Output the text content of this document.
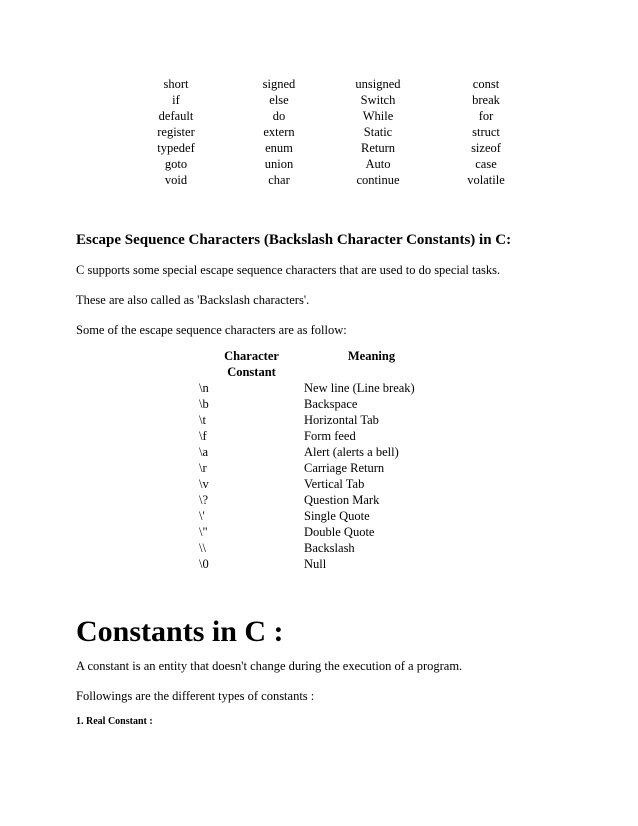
short	signed	unsigned	const
if	else	Switch	break
default	do	While	for
register	extern	Static	struct
typedef	enum	Return	sizeof
goto	union	Auto	case
void	char	continue	volatile
Escape Sequence Characters (Backslash Character Constants) in C:

C supports some special escape sequence characters that are used to do special tasks.

These are also called as 'Backslash characters'.

Some of the escape sequence characters are as follow:

Character
Constant	Meaning
\n	New line (Line break)
\b	Backspace
\t	Horizontal Tab
\f	Form feed
\a	Alert (alerts a bell)
\r	Carriage Return
\v	Vertical Tab
\?	Question Mark
\'	Single Quote
\"	Double Quote
\\	Backslash
\0	Null
Constants in C :

A constant is an entity that doesn't change during the execution of a program.

Followings are the different types of constants :

1. Real Constant :
